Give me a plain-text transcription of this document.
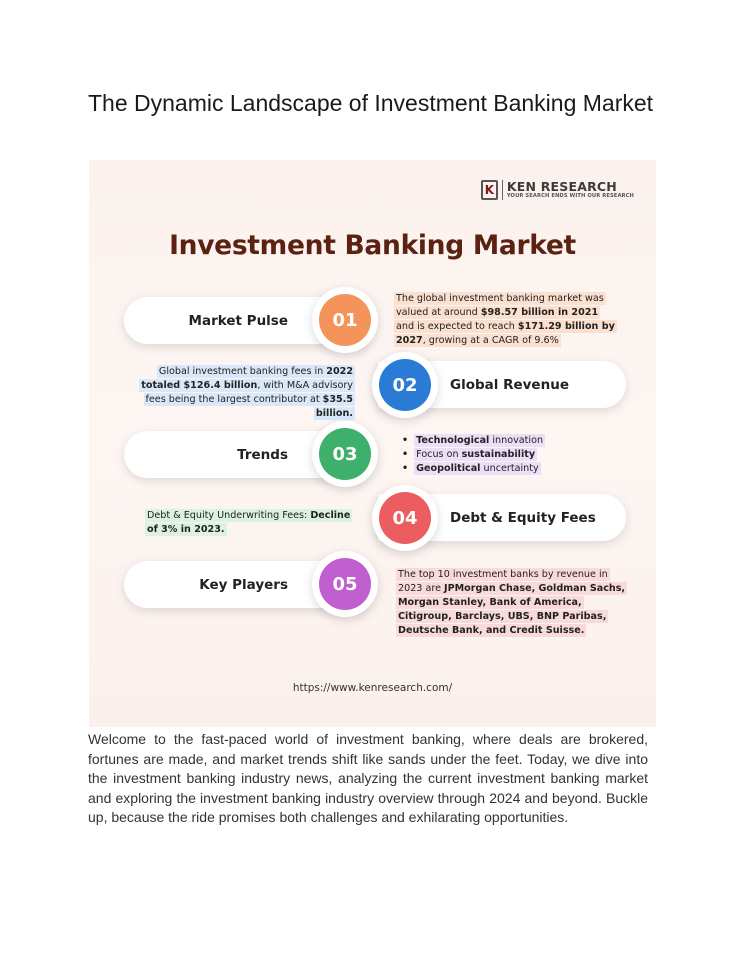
The Dynamic Landscape of Investment Banking Market
K	KEN RESEARCH
YOUR SEARCH ENDS WITH OUR RESEARCH
Investment Banking Market
Market Pulse	01
The global investment banking market was valued at around $98.57 billion in 2021 and is expected to reach $171.29 billion by 2027, growing at a CAGR of 9.6%
Global Revenue
02
Global investment banking fees in 2022 totaled $126.4 billion, with M&A advisory fees being the largest contributor at $35.5 billion.
Trends	03
• Technological innovation
• Focus on sustainability
• Geopolitical uncertainty
Debt & Equity Fees
04
Debt & Equity Underwriting Fees: Decline of 3% in 2023.
Key Players	05	The top 10 investment banks by revenue in 2023 are JPMorgan Chase, Goldman Sachs, Morgan Stanley, Bank of America, Citigroup, Barclays, UBS, BNP Paribas, Deutsche Bank, and Credit Suisse.
https://www.kenresearch.com/

Welcome to the fast-paced world of investment banking, where deals are brokered, fortunes are made, and market trends shift like sands under the feet. Today, we dive into the investment banking industry news, analyzing the current investment banking market and exploring the investment banking industry overview through 2024 and beyond. Buckle up, because the ride promises both challenges and exhilarating opportunities.
